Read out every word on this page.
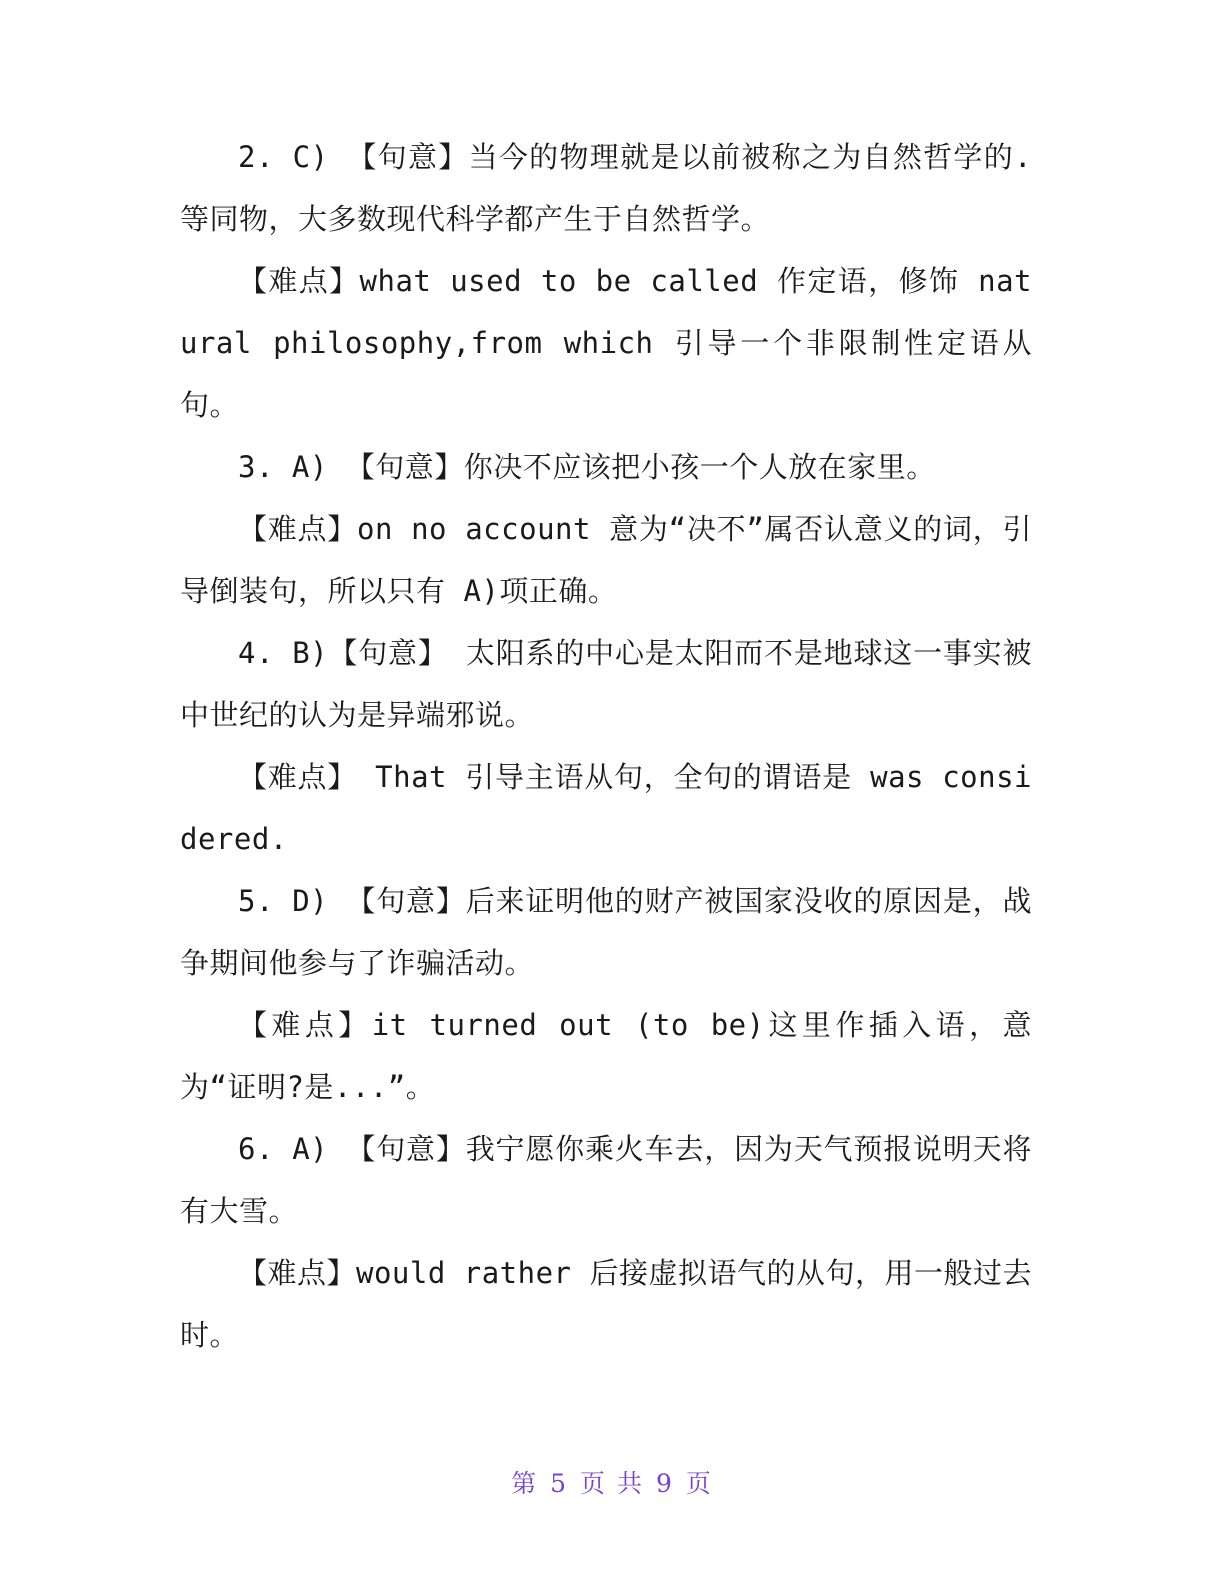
2. C) 【句意】当今的物理就是以前被称之为自然哲学的.等同物，大多数现代科学都产生于自然哲学。

【难点】what used to be called 作定语，修饰 natural philosophy,from which 引导一个非限制性定语从句。

3. A) 【句意】你决不应该把小孩一个人放在家里。

【难点】on no account 意为“决不”属否认意义的词，引导倒装句，所以只有 A)项正确。

4. B)【句意】 太阳系的中心是太阳而不是地球这一事实被中世纪的认为是异端邪说。

【难点】 That 引导主语从句，全句的谓语是 was considered.

5. D) 【句意】后来证明他的财产被国家没收的原因是，战争期间他参与了诈骗活动。

【难点】it turned out (to be)这里作插入语，意为“证明?是...”。

6. A) 【句意】我宁愿你乘火车去，因为天气预报说明天将有大雪。

【难点】would rather 后接虚拟语气的从句，用一般过去时。

第 5 页 共 9 页
